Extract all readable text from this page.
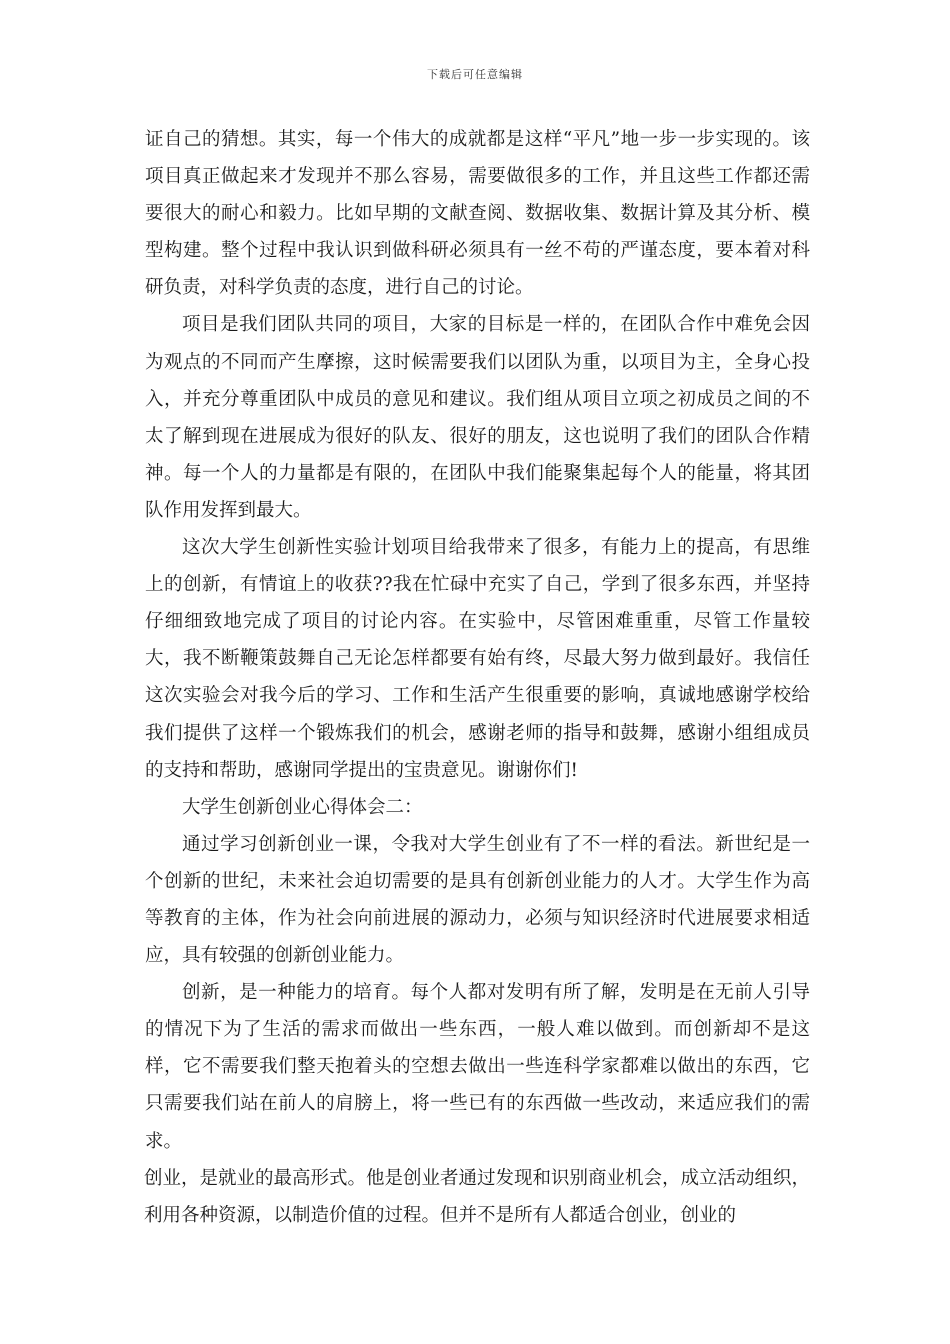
下载后可任意编辑

证自己的猜想。其实，每一个伟大的成就都是这样“平凡”地一步一步实现的。该项目真正做起来才发现并不那么容易，需要做很多的工作，并且这些工作都还需要很大的耐心和毅力。比如早期的文献查阅、数据收集、数据计算及其分析、模型构建。整个过程中我认识到做科研必须具有一丝不苟的严谨态度，要本着对科研负责，对科学负责的态度，进行自己的讨论。

项目是我们团队共同的项目，大家的目标是一样的，在团队合作中难免会因为观点的不同而产生摩擦，这时候需要我们以团队为重，以项目为主，全身心投入，并充分尊重团队中成员的意见和建议。我们组从项目立项之初成员之间的不太了解到现在进展成为很好的队友、很好的朋友，这也说明了我们的团队合作精神。每一个人的力量都是有限的，在团队中我们能聚集起每个人的能量，将其团队作用发挥到最大。

这次大学生创新性实验计划项目给我带来了很多，有能力上的提高，有思维上的创新，有情谊上的收获??我在忙碌中充实了自己，学到了很多东西，并坚持仔细细致地完成了项目的讨论内容。在实验中，尽管困难重重，尽管工作量较大，我不断鞭策鼓舞自己无论怎样都要有始有终，尽最大努力做到最好。我信任这次实验会对我今后的学习、工作和生活产生很重要的影响，真诚地感谢学校给我们提供了这样一个锻炼我们的机会，感谢老师的指导和鼓舞，感谢小组组成员的支持和帮助，感谢同学提出的宝贵意见。谢谢你们!

大学生创新创业心得体会二：

通过学习创新创业一课，令我对大学生创业有了不一样的看法。新世纪是一个创新的世纪，未来社会迫切需要的是具有创新创业能力的人才。大学生作为高等教育的主体，作为社会向前进展的源动力，必须与知识经济时代进展要求相适应，具有较强的创新创业能力。

创新，是一种能力的培育。每个人都对发明有所了解，发明是在无前人引导的情况下为了生活的需求而做出一些东西，一般人难以做到。而创新却不是这样，它不需要我们整天抱着头的空想去做出一些连科学家都难以做出的东西，它只需要我们站在前人的肩膀上，将一些已有的东西做一些改动，来适应我们的需求。

创业，是就业的最高形式。他是创业者通过发现和识别商业机会，成立活动组织，利用各种资源，以制造价值的过程。但并不是所有人都适合创业，创业的
